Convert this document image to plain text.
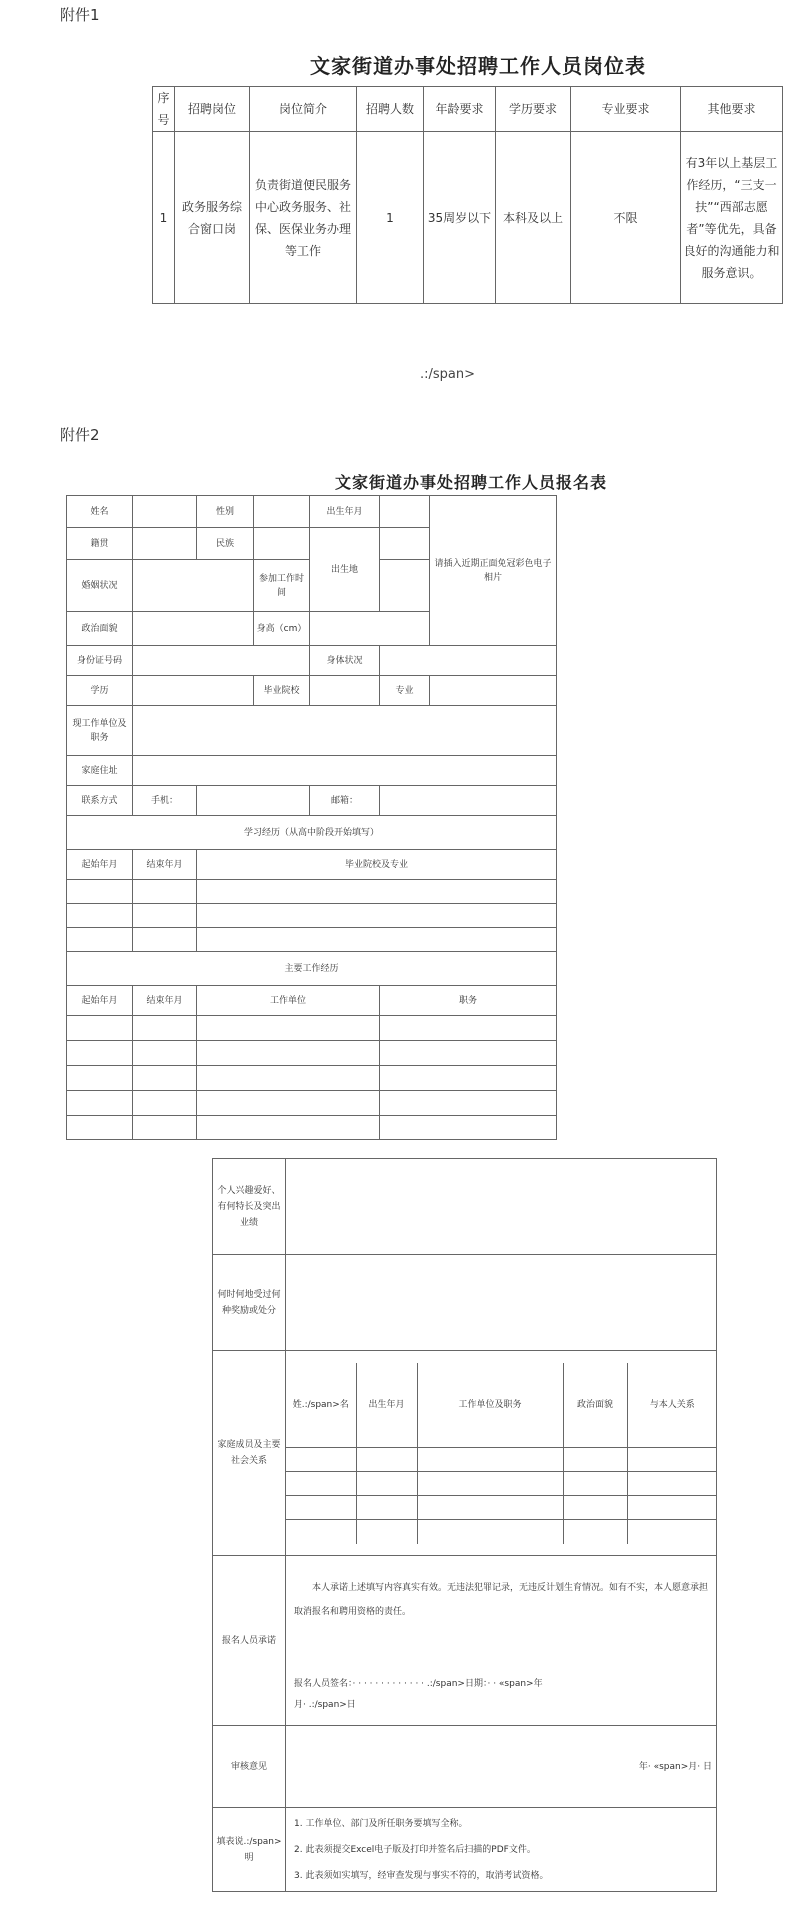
附件1
文家街道办事处招聘工作人员岗位表
序号	招聘岗位	岗位简介	招聘人数	年龄要求	学历要求	专业要求	其他要求
1	政务服务综合窗口岗	负责街道便民服务中心政务服务、社保、医保业务办理等工作	1	35周岁以下	本科及以上	不限	有3年以上基层工作经历，“三支一扶”“西部志愿者”等优先，具备良好的沟通能力和服务意识。
.:/span>
附件2
文家街道办事处招聘工作人员报名表
姓名		性别		出生年月		请插入近期正面免冠彩色电子相片
籍贯		民族		出生地		
婚姻状况			参加工作时间			
政治面貌			身高（cm）			
身份证号码				身体状况		
学历			毕业院校		专业	
现工作单位及职务						
家庭住址						
联系方式	手机：			邮箱：		
学习经历（从高中阶段开始填写）						
起始年月	结束年月	毕业院校及专业				

主要工作经历						
起始年月	结束年月	工作单位			职务	

个人兴趣爱好、有何特长及突出业绩	
何时何地受过何种奖励或处分	
家庭成员及主要社会关系	
姓.:/span>名	出生年月	工作单位及职务	政治面貌	与本人关系

报名人员承诺	
本人承诺上述填写内容真实有效。无违法犯罪记录，无违反计划生育情况。如有不实，本人愿意承担取消报名和聘用资格的责任。
报名人员签名：· · · · · · · · · · · · · .:/span>日期：· · «span>年
月· .:/span>日

审核意见	年· «span>月· 日
填表说.:/span>明	
1. 工作单位、部门及所任职务要填写全称。
2. 此表须提交Excel电子版及打印并签名后扫描的PDF文件。
3. 此表须如实填写，经审查发现与事实不符的，取消考试资格。
